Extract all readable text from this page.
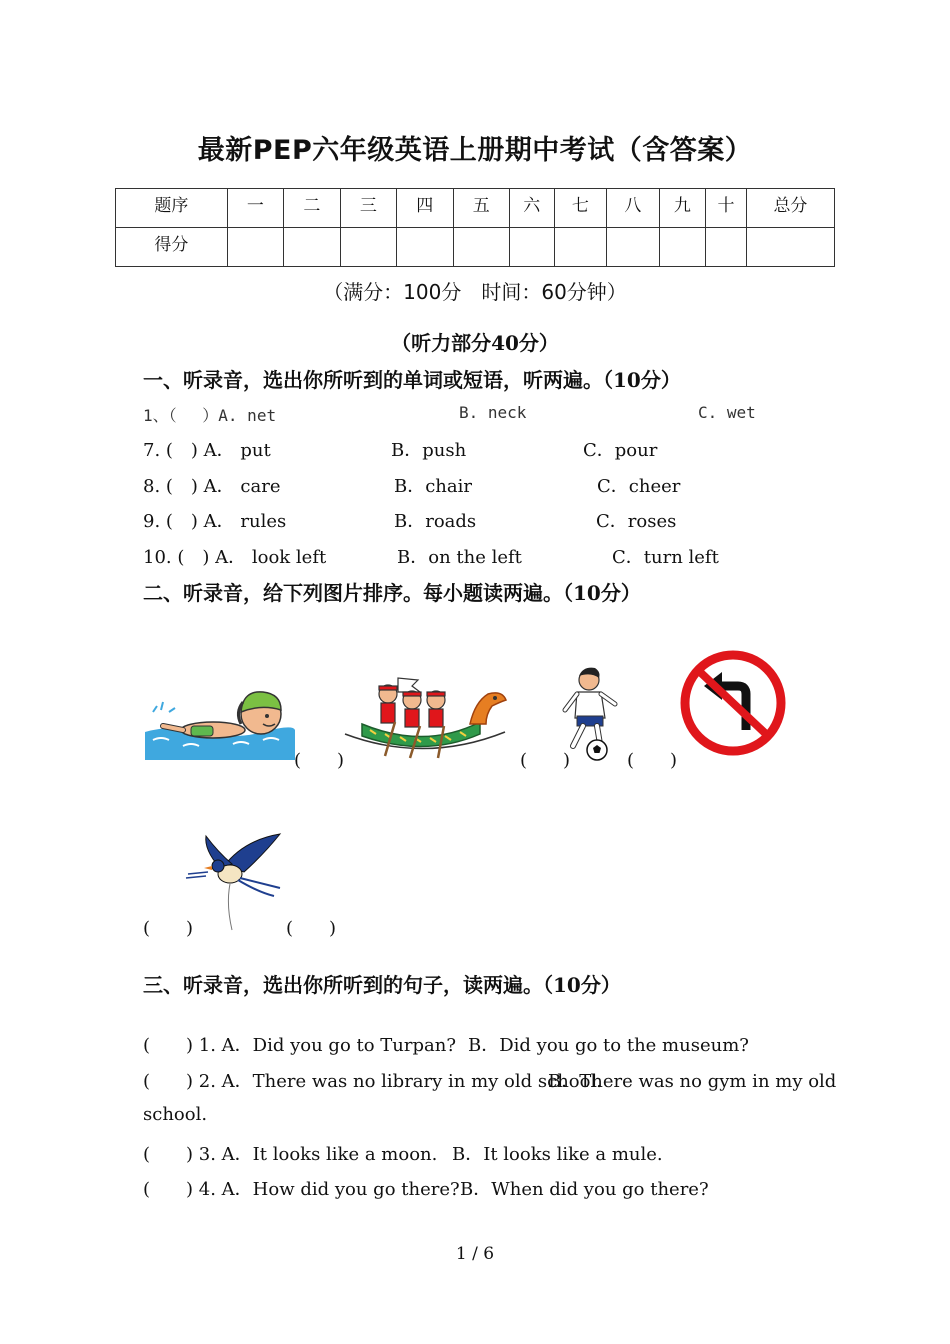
最新PEP六年级英语上册期中考试（含答案）
题序	一	二	三	四	五	六	七	八	九	十	总分
得分											
（满分：100分　时间：60分钟）
（听力部分40分）
一、听录音，选出你所听到的单词或短语，听两遍。（10分）
1、（　 ）A. net	B. neck	C. wet
7. (　) A． put	B．push	C．pour
8. (　) A． care	B．chair	C．cheer
9. (　) A． rules	B．roads	C．roses
10. (　) A． look left	B．on the left	C．turn left
二、听录音，给下列图片排序。每小题读两遍。（10分）
(　　)	(　　)	(　　)
(　　)	(　　)
三、听录音，选出你所听到的句子，读两遍。（10分）
(　　) 1. A．Did you go to Turpan? B．Did you go to the museum?
(　　) 2. A．There was no library in my old school.
B．There was no gym in my old
school.
(　　) 3. A．It looks like a moon. B．It looks like a mule.
(　　) 4. A．How did you go there? B．When did you go there?
1 / 6
